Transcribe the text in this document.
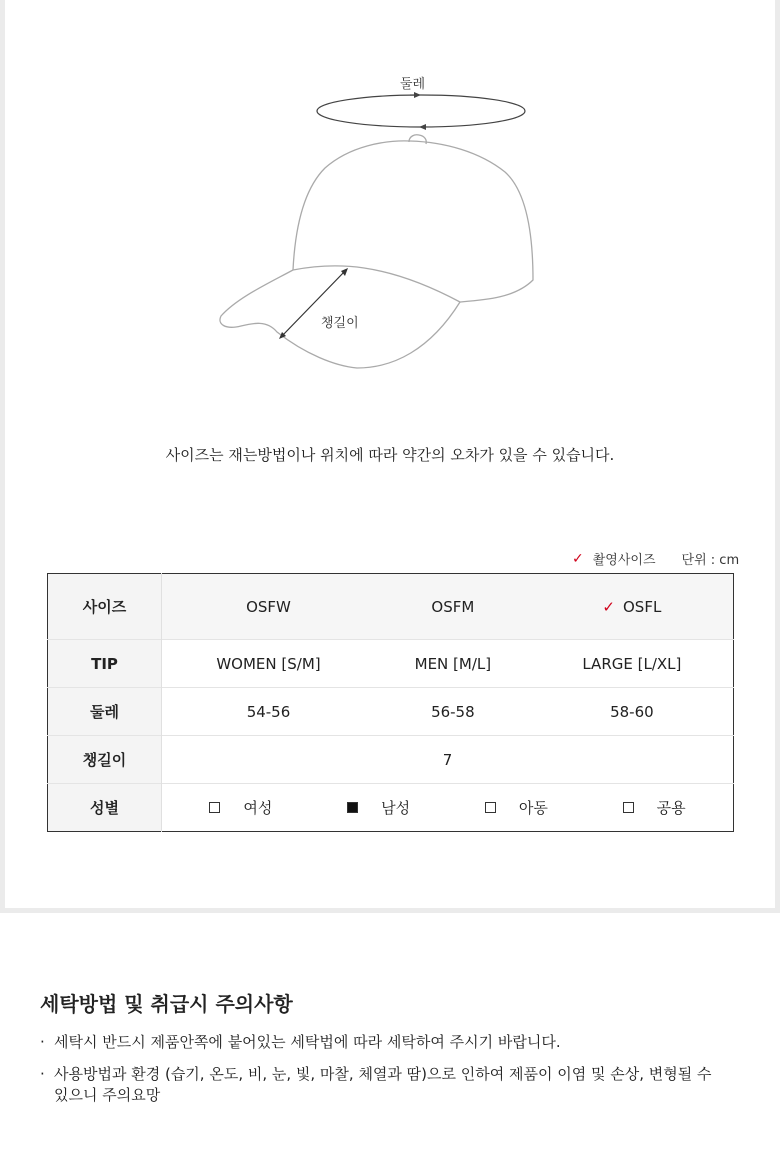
둘레
챙길이
사이즈는 재는방법이나 위치에 따라 약간의 오차가 있을 수 있습니다.
✓ 촬영사이즈 단위 : cm
사이즈	OSFW	OSFM	✓ OSFL
TIP	WOMEN [S/M]	MEN [M/L]	LARGE [L/XL]
둘레	54-56	56-58	58-60
챙길이	7		
성별	여성 남성 아동 공용		
세탁방법 및 취급시 주의사항
· 세탁시 반드시 제품안쪽에 붙어있는 세탁법에 따라 세탁하여 주시기 바랍니다.
· 사용방법과 환경 (습기, 온도, 비, 눈, 빛, 마찰, 체열과 땀)으로 인하여 제품이 이염 및 손상, 변형될 수 있으니 주의요망
